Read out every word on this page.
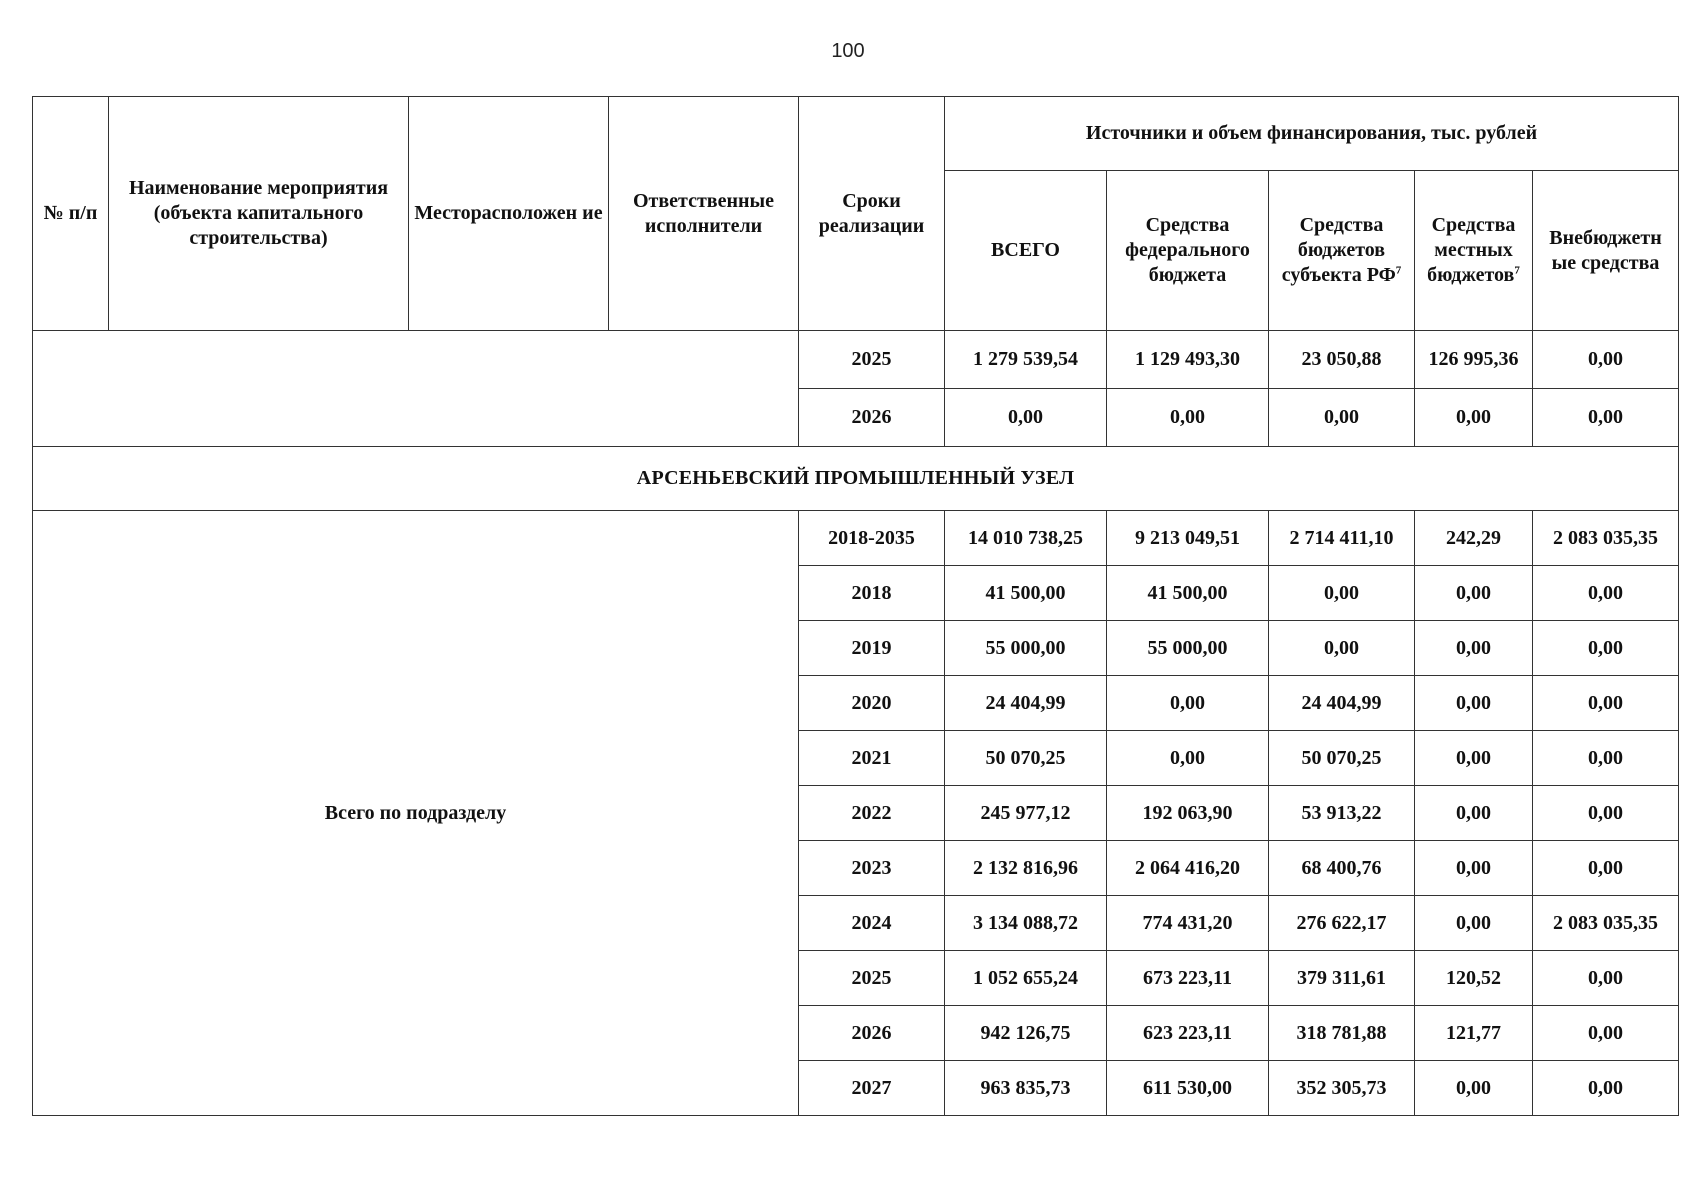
100
№ п/п	Наименование мероприятия (объекта капитального строительства)	Месторасположен ие	Ответственные исполнители	Сроки реализации	Источники и объем финансирования, тыс. рублей				
					ВСЕГО	Средства федерального бюджета	Средства бюджетов субъекта $РФ^7$	Средства местных бюджетов$^7$	Внебюджетн ые средства
				2025	1 279 539,54	1 129 493,30	23 050,88	126 995,36	0,00
				2026	0,00	0,00	0,00	0,00	0,00
АРСЕНЬЕВСКИЙ ПРОМЫШЛЕННЫЙ УЗЕЛ									
Всего по подразделу				2018-2035	14 010 738,25	9 213 049,51	2 714 411,10	242,29	2 083 035,35
				2018	41 500,00	41 500,00	0,00	0,00	0,00
				2019	55 000,00	55 000,00	0,00	0,00	0,00
				2020	24 404,99	0,00	24 404,99	0,00	0,00
				2021	50 070,25	0,00	50 070,25	0,00	0,00
				2022	245 977,12	192 063,90	53 913,22	0,00	0,00
				2023	2 132 816,96	2 064 416,20	68 400,76	0,00	0,00
				2024	3 134 088,72	774 431,20	276 622,17	0,00	2 083 035,35
				2025	1 052 655,24	673 223,11	379 311,61	120,52	0,00
				2026	942 126,75	623 223,11	318 781,88	121,77	0,00
				2027	963 835,73	611 530,00	352 305,73	0,00	0,00
